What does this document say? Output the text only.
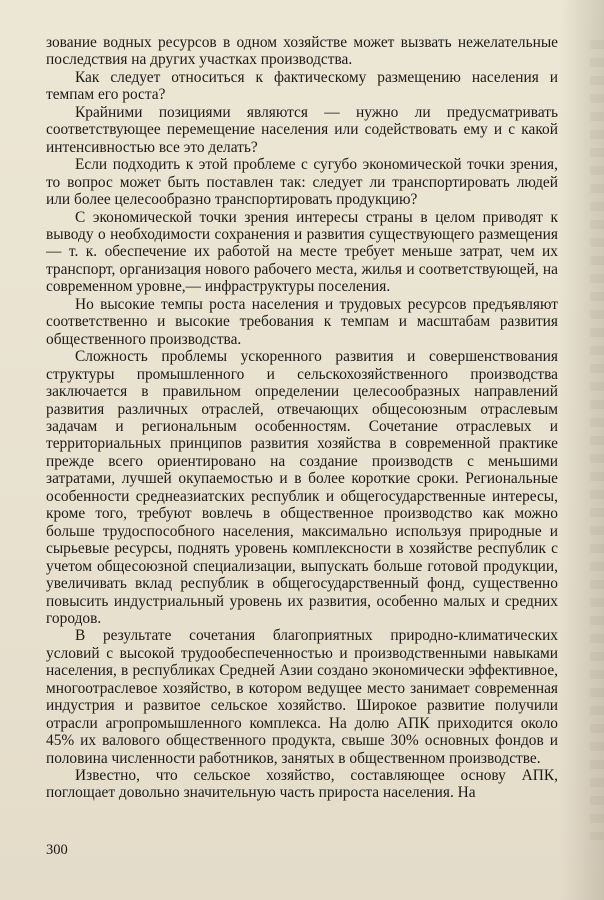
зование водных ресурсов в одном хозяйстве может вызвать нежелательные последствия на других участках производства.

Как следует относиться к фактическому размещению населения и темпам его роста?

Крайними позициями являются — нужно ли предусматривать соответствующее перемещение населения или содействовать ему и с какой интенсивностью все это делать?

Если подходить к этой проблеме с сугубо экономической точки зрения, то вопрос может быть поставлен так: следует ли транспортировать людей или более целесообразно транспортировать продукцию?

С экономической точки зрения интересы страны в целом приводят к выводу о необходимости сохранения и развития существующего размещения — т. к. обеспечение их работой на месте требует меньше затрат, чем их транспорт, организация нового рабочего места, жилья и соответствующей, на современном уровне,— инфраструктуры поселения.

Но высокие темпы роста населения и трудовых ресурсов предъявляют соответственно и высокие требования к темпам и масштабам развития общественного производства.

Сложность проблемы ускоренного развития и совершенствования структуры промышленного и сельскохозяйственного производства заключается в правильном определении целесообразных направлений развития различных отраслей, отвечающих общесоюзным отраслевым задачам и региональным особенностям. Сочетание отраслевых и территориальных принципов развития хозяйства в современной практике прежде всего ориентировано на создание производств с меньшими затратами, лучшей окупаемостью и в более короткие сроки. Региональные особенности среднеазиатских республик и общегосударственные интересы, кроме того, требуют вовлечь в общественное производство как можно больше трудоспособного населения, максимально используя природные и сырьевые ресурсы, поднять уровень комплексности в хозяйстве республик с учетом общесоюзной специализации, выпускать больше готовой продукции, увеличивать вклад республик в общегосударственный фонд, существенно повысить индустриальный уровень их развития, особенно малых и средних городов.

В результате сочетания благоприятных природно-климатических условий с высокой трудообеспеченностью и производственными навыками населения, в республиках Средней Азии создано экономически эффективное, многоотраслевое хозяйство, в котором ведущее место занимает современная индустрия и развитое сельское хозяйство. Широкое развитие получили отрасли агропромышленного комплекса. На долю АПК приходится около 45% их валового общественного продукта, свыше 30% основных фондов и половина численности работников, занятых в общественном производстве.

Известно, что сельское хозяйство, составляющее основу АПК, поглощает довольно значительную часть прироста населения. На

300
